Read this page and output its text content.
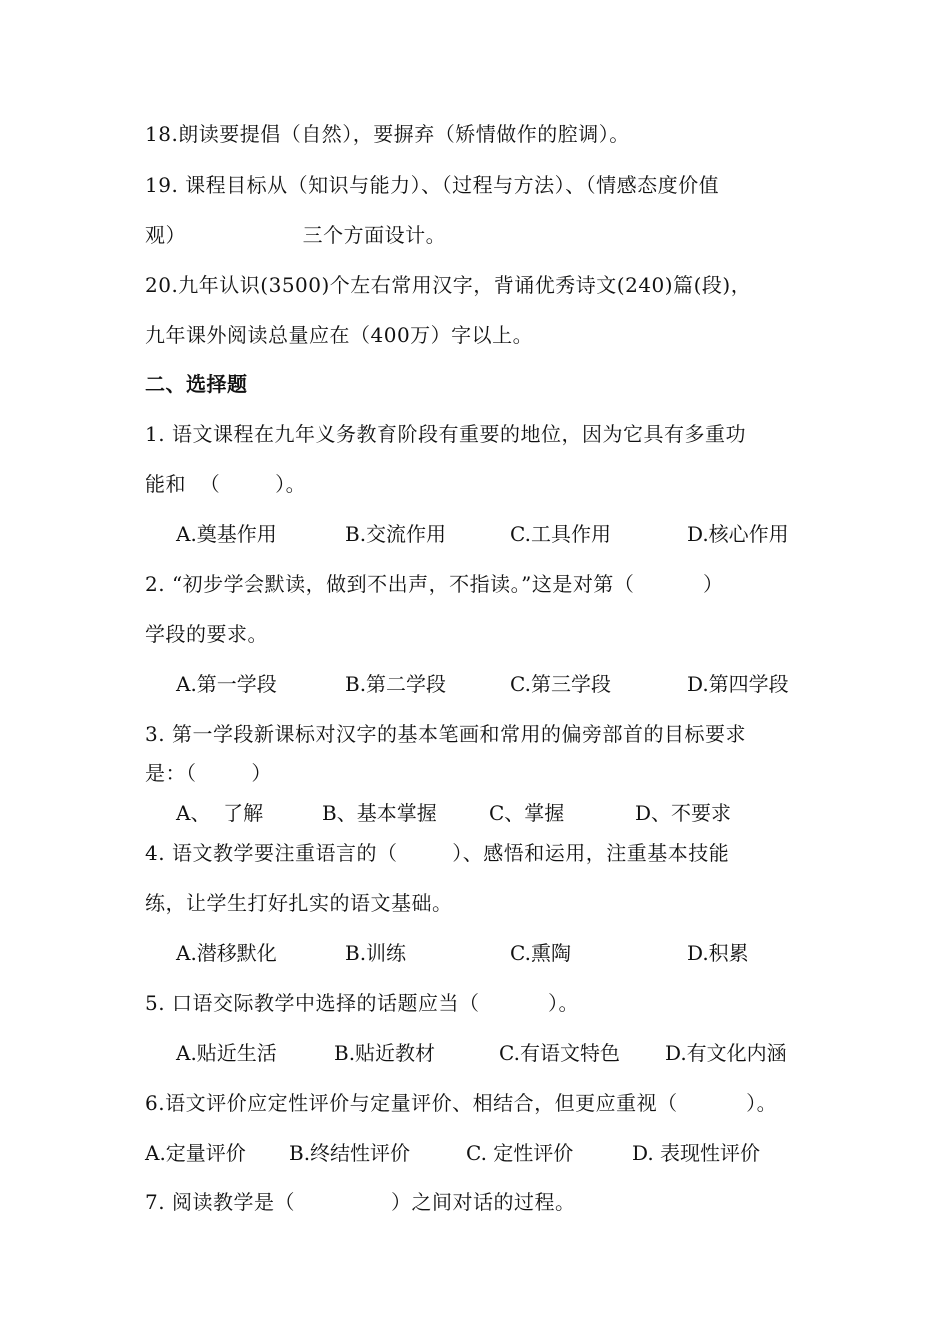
18.朗读要提倡（自然），要摒弃（矫情做作的腔调）。
19. 课程目标从（知识与能力）、（过程与方法）、（情感态度价值
观）                 三个方面设计。
20.九年认识(3500)个左右常用汉字，背诵优秀诗文(240)篇(段)，
九年课外阅读总量应在（400万）字以上。
二、选择题
1. 语文课程在九年义务教育阶段有重要的地位，因为它具有多重功
能和  （        ）。
A.奠基作用	B.交流作用	C.工具作用	D.核心作用
2. “初步学会默读，做到不出声，不指读。”这是对第（          ）
学段的要求。
A.第一学段	B.第二学段	C.第三学段	D.第四学段
3. 第一学段新课标对汉字的基本笔画和常用的偏旁部首的目标要求
是：（        ）
A、  了解	B、基本掌握	C、掌握	D、不要求
4. 语文教学要注重语言的（        ）、感悟和运用，注重基本技能
练，让学生打好扎实的语文基础。
A.潜移默化	B.训练	C.熏陶	D.积累
5. 口语交际教学中选择的话题应当（          ）。
A.贴近生活	B.贴近教材	C.有语文特色 D.有文化内涵
6.语文评价应定性评价与定量评价、相结合，但更应重视（          ）。
A.定量评价 B.终结性评价	C. 定性评价	D. 表现性评价
7. 阅读教学是（              ）之间对话的过程。
